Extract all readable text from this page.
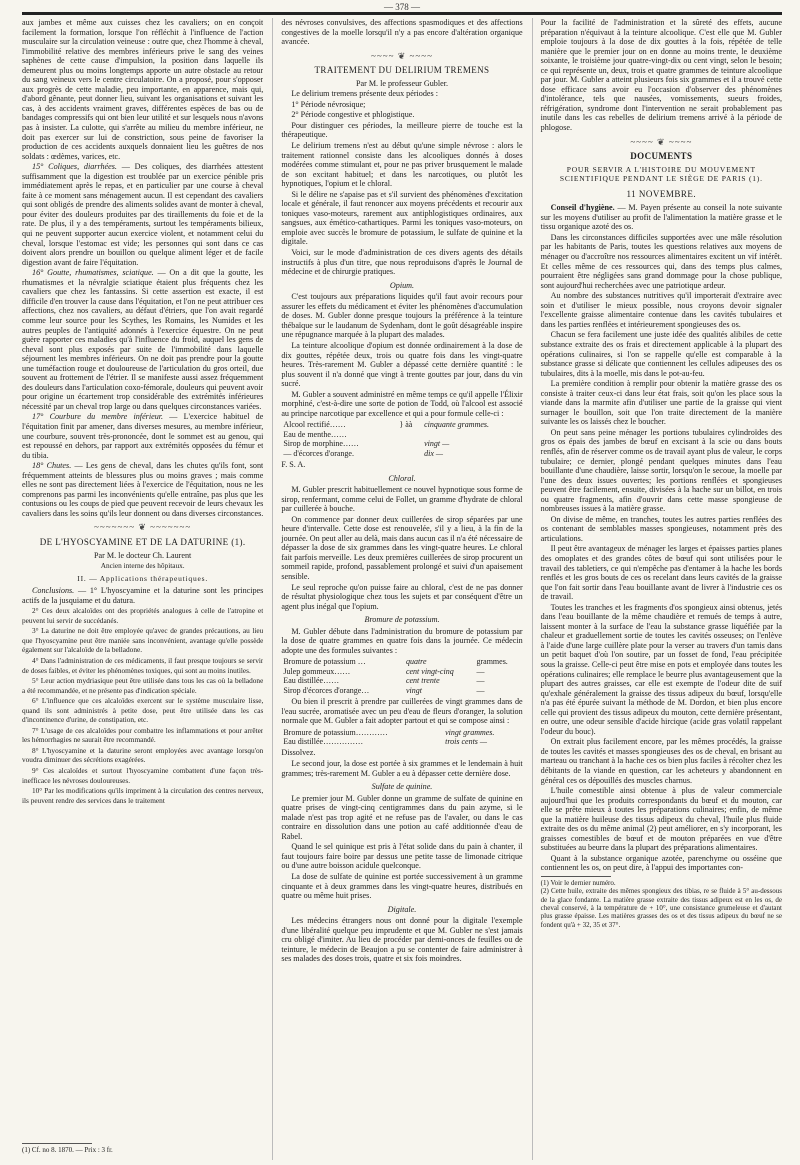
— 378 —

aux jambes et même aux cuisses chez les cavaliers; on en conçoit facilement la formation, lorsque l'on réfléchit à l'influence de l'action musculaire sur la circulation veineuse : outre que, chez l'homme à cheval, l'immobilité relative des membres inférieurs prive le sang des veines saphènes de cette cause d'impulsion, la position dans laquelle ils demeurent plus ou moins longtemps apporte un autre obstacle au retour du sang veineux vers le centre circulatoire. On a proposé, pour s'opposer aux progrès de cette maladie, peu importante, en apparence, mais qui, d'abord gênante, peut donner lieu, suivant les organisations et suivant les cas, à des accidents vraiment graves, différentes espèces de bas ou de bandages compressifs qui ont bien leur utilité et sur lesquels nous n'avons pas à insister. La culotte, qui s'arrête au milieu du membre inférieur, ne doit pas exercer sur lui de constriction, sous peine de favoriser la production de ces accidents auxquels donnaient lieu les guêtres de nos soldats : œdèmes, varices, etc.

15° Coliques, diarrhées. — Des coliques, des diarrhées attestent suffisamment que la digestion est troublée par un exercice pénible pris immédiatement après le repas, et en particulier par une course à cheval faite à ce moment sans ménagement aucun. Il est cependant des cavaliers qui sont obligés de prendre des aliments solides avant de monter à cheval, pour éviter des douleurs produites par des tiraillements du foie et de la rate. De plus, il y a des tempéraments, surtout les tempéraments bilieux, qui ne peuvent supporter aucun exercice violent, et notamment celui du cheval, lorsque l'estomac est vide; les personnes qui sont dans ce cas doivent alors prendre un bouillon ou quelque aliment léger et de facile digestion avant de faire l'équitation.

16° Goutte, rhumatismes, sciatique. — On a dit que la goutte, les rhumatismes et la névralgie sciatique étaient plus fréquents chez les cavaliers que chez les fantassins. Si cette assertion est exacte, il est difficile d'en trouver la cause dans l'équitation, et l'on ne peut attribuer ces affections, chez nos cavaliers, au défaut d'étriers, que l'on avait regardé comme leur source pour les Scythes, les Romains, les Numides et les autres peuples de l'antiquité adonnés à l'exercice équestre. On ne peut guère rapporter ces maladies qu'à l'influence du froid, auquel les gens de cheval sont plus exposés par suite de l'immobilité dans laquelle séjournent les membres inférieurs. On ne doit pas prendre pour la goutte une tuméfaction rouge et douloureuse de l'articulation du gros orteil, due souvent au frottement de l'étrier. Il se manifeste aussi assez fréquemment des douleurs dans l'articulation coxo-fémorale, douleurs qui peuvent avoir pour origine un écartement trop considérable des extrémités inférieures nécessité par un cheval trop large ou dans quelques circonstances variées.

17° Courbure du membre inférieur. — L'exercice habituel de l'équitation finit par amener, dans diverses mesures, au membre inférieur, une courbure, souvent très-prononcée, dont le sommet est au genou, qui est repoussé en dehors, par rapport aux extrémités opposées du fémur et du tibia.

18° Chutes. — Les gens de cheval, dans les chutes qu'ils font, sont fréquemment atteints de blessures plus ou moins graves ; mais comme elles ne sont pas directement liées à l'exercice de l'équitation, nous ne les comprenons pas parmi les inconvénients qu'elle entraîne, pas plus que les contusions ou les coups de pied que peuvent recevoir de leurs chevaux les cavaliers dans les soins qu'ils leur donnent ou dans diverses circonstances.

~~~~~~~ ❦ ~~~~~~~
DE L'HYOSCYAMINE ET DE LA DATURINE (1).
Par M. le docteur Ch. Laurent
Ancien interne des hôpitaux.
II. — Applications thérapeutiques.

Conclusions. — 1° L'hyoscyamine et la daturine sont les principes actifs de la jusquiame et du datura.

2° Ces deux alcaloïdes ont des propriétés analogues à celle de l'atropine et peuvent lui servir de succédanés.

3° La daturine ne doit être employée qu'avec de grandes précautions, au lieu que l'hyoscyamine peut être maniée sans inconvénient, avantage qu'elle possède également sur l'alcaloïde de la belladone.

4° Dans l'administration de ces médicaments, il faut presque toujours se servir de doses faibles, et éviter les phénomènes toxiques, qui sont au moins inutiles.

5° Leur action mydriasique peut être utilisée dans tous les cas où la belladone a été recommandée, et ne présente pas d'indication spéciale.

6° L'influence que ces alcaloïdes exercent sur le système musculaire lisse, quand ils sont administrés à petite dose, peut être utilisée dans les cas d'incontinence d'urine, de constipation, etc.

7° L'usage de ces alcaloïdes pour combattre les inflammations et pour arrêter les hémorrhagies ne saurait être recommandé.

8° L'hyoscyamine et la daturine seront employées avec avantage lorsqu'on voudra diminuer des sécrétions exagérées.

9° Ces alcaloïdes et surtout l'hyoscyamine combattent d'une façon très-inefficace les névroses douloureuses.

10° Par les modifications qu'ils impriment à la circulation des centres nerveux, ils peuvent rendre des services dans le traitement

(1) Cf. no 8. 1870. — Prix : 3 fr.

des névroses convulsives, des affections spasmodiques et des affections congestives de la moelle lorsqu'il n'y a pas encore d'altération organique avancée.

~~~~ ❦ ~~~~
TRAITEMENT DU DELIRIUM TREMENS
Par M. le professeur Gubler.

Le delirium tremens présente deux périodes :

1° Période névrosique;

2° Période congestive et phlogistique.

Pour distinguer ces périodes, la meilleure pierre de touche est la thérapeutique.

Le delirium tremens n'est au début qu'une simple névrose : alors le traitement rationnel consiste dans les alcooliques donnés à doses modérées comme stimulant et, pour ne pas priver brusquement le malade de son excitant habituel; et dans les narcotiques, ou plutôt les hypnotiques, l'opium et le chloral.

Si le délire ne s'apaise pas et s'il survient des phénomènes d'excitation locale et générale, il faut renoncer aux moyens précédents et recourir aux toniques vaso-moteurs, rarement aux antiphlogistiques ordinaires, aux sangsues, aux émético-cathartiques. Parmi les toniques vaso-moteurs, on emploie avec succès le bromure de potassium, le sulfate de quinine et la digitale.

Voici, sur le mode d'administration de ces divers agents des détails instructifs à plus d'un titre, que nous reproduisons d'après le Journal de médecine et de chirurgie pratiques.

Opium.

C'est toujours aux préparations liquides qu'il faut avoir recours pour assurer les effets du médicament et éviter les phénomènes d'accumulation de doses. M. Gubler donne presque toujours la préférence à la teinture thébaïque sur le laudanum de Sydenham, dont le goût désagréable inspire une répugnance marquée à la plupart des malades.

La teinture alcoolique d'opium est donnée ordinairement à la dose de dix gouttes, répétée deux, trois ou quatre fois dans les vingt-quatre heures. Très-rarement M. Gubler a dépassé cette dernière quantité : le plus souvent il n'a donné que vingt à trente gouttes par jour, dans du vin sucré.

M. Gubler a souvent administré en même temps ce qu'il appelle l'Élixir morphiné, c'est-à-dire une sorte de potion de Todd, où l'alcool est associé au principe narcotique par excellence et qui a pour formule celle-ci :

Alcool rectifié……	} àà	cinquante grammes.
Eau de menthe……		
Sirop de morphine……		vingt —
— d'écorces d'orange.		dix —

F. S. A.

Chloral.

M. Gubler prescrit habituellement ce nouvel hypnotique sous forme de sirop, renfermant, comme celui de Follet, un gramme d'hydrate de chloral par cuillerée à bouche.

On commence par donner deux cuillerées de sirop séparées par une heure d'intervalle. Cette dose est renouvelée, s'il y a lieu, à la fin de la journée. On peut aller au delà, mais dans aucun cas il n'a été nécessaire de dépasser la dose de six grammes dans les vingt-quatre heures. Le chloral fait parfois merveille. Les deux premières cuillerées de sirop procurent un sommeil rapide, profond, passablement prolongé et suivi d'un apaisement sensible.

Le seul reproche qu'on puisse faire au chloral, c'est de ne pas donner de résultat physiologique chez tous les sujets et par conséquent d'être un agent plus inégal que l'opium.

Bromure de potassium.

M. Gubler débute dans l'administration du bromure de potassium par la dose de quatre grammes en quatre fois dans la journée. Ce médecin adopte une des formules suivantes :

Bromure de potassium …	quatre	grammes.
Julep gommeux……	cent vingt-cinq	—
Eau distillée……	cent trente	—
Sirop d'écorces d'orange…	vingt	—

Ou bien il prescrit à prendre par cuillerées de vingt grammes dans de l'eau sucrée, aromatisée avec un peu d'eau de fleurs d'oranger, la solution normale que M. Gubler a fait adopter partout et qui se compose ainsi :

Bromure de potassium…………	vingt grammes.
Eau distillée……………	trois cents —

Dissolvez.

Le second jour, la dose est portée à six grammes et le lendemain à huit grammes; très-rarement M. Gubler a eu à dépasser cette dernière dose.

Sulfate de quinine.

Le premier jour M. Gubler donne un gramme de sulfate de quinine en quatre prises de vingt-cinq centigrammes dans du pain azyme, si le malade n'est pas trop agité et ne refuse pas de l'avaler, ou dans le cas contraire en dissolution dans une potion au café additionnée d'eau de Rabel.

Quand le sel quinique est pris à l'état solide dans du pain à chanter, il faut toujours faire boire par dessus une petite tasse de limonade citrique ou d'une autre boisson acidule quelconque.

La dose de sulfate de quinine est portée successivement à un gramme cinquante et à deux grammes dans les vingt-quatre heures, distribués en quatre ou même huit prises.

Digitale.

Les médecins étrangers nous ont donné pour la digitale l'exemple d'une libéralité quelque peu imprudente et que M. Gubler ne s'est jamais cru obligé d'imiter. Au lieu de procéder par demi-onces de feuilles ou de teinture, le médecin de Beaujon a pu se contenter de faire administrer à ses malades des doses trois, quatre et six fois moindres.

Pour la facilité de l'administration et la sûreté des effets, aucune préparation n'équivaut à la teinture alcoolique. C'est elle que M. Gubler emploie toujours à la dose de dix gouttes à la fois, répétée de telle manière que le premier jour on en donne au moins trente, le deuxième soixante, le troisième jour quatre-vingt-dix ou cent vingt, selon le besoin; ce qui représente un, deux, trois et quatre grammes de teinture alcoolique par jour. M. Gubler a atteint plusieurs fois six grammes et il a trouvé cette dose efficace sans avoir eu l'occasion d'observer des phénomènes d'intolérance, tels que nausées, vomissements, sueurs froides, réfrigération, syndrome dont l'intervention ne serait probablement pas inutile dans les cas rebelles de delirium tremens arrivé à la période de phlogose.

~~~~ ❦ ~~~~
DOCUMENTS
POUR SERVIR A L'HISTOIRE DU MOUVEMENT SCIENTIFIQUE PENDANT LE SIÈGE DE PARIS (1).
11 NOVEMBRE.

Conseil d'hygiène. — M. Payen présente au conseil la note suivante sur les moyens d'utiliser au profit de l'alimentation la matière grasse et le tissu organique azoté des os.

Dans les circonstances difficiles supportées avec une mâle résolution par les habitants de Paris, toutes les questions relatives aux moyens de ménager ou d'accroître nos ressources alimentaires excitent un vif intérêt. Et celles même de ces ressources qui, dans des temps plus calmes, pourraient être négligées sans grand dommage pour la chose publique, sont aujourd'hui recherchées avec une patriotique ardeur.

Au nombre des substances nutritives qu'il importerait d'extraire avec soin et d'utiliser le mieux possible, nous croyons devoir signaler l'excellente graisse alimentaire contenue dans les cavités tubulaires et dans les parties renflées et intérieurement spongieuses des os.

Chacun se fera facilement une juste idée des qualités alibiles de cette substance extraite des os frais et directement applicable à la plupart des opérations culinaires, si l'on se rappelle qu'elle est comparable à la substance grasse si délicate que contiennent les cellules adipeuses des os tubulaires, dits à la moelle, mis dans le pot-au-feu.

La première condition à remplir pour obtenir la matière grasse des os consiste à traiter ceux-ci dans leur état frais, soit qu'on les place sous la viande dans la marmite afin d'utiliser une partie de la graisse qui vient surnager le bouillon, soit que l'on traite directement de la manière suivante les os laissés chez le boucher.

On peut sans peine ménager les portions tubulaires cylindroïdes des gros os épais des jambes de bœuf en excisant à la scie ou dans bouts renflés, afin de réserver comme os de travail ayant plus de valeur, le corps tubulaire; ce dernier, plongé pendant quelques minutes dans l'eau bouillante d'une chaudière, laisse sortir, lorsqu'on le secoue, la moelle par l'une des deux issues ouvertes; les portions renflées et spongieuses peuvent être facilement, ensuite, divisées à la hache sur un billot, en trois ou quatre fragments, afin d'ouvrir dans cette masse spongieuse de nombreuses issues à la matière grasse.

On divise de même, en tranches, toutes les autres parties renflées des os contenant de semblables masses spongieuses, notamment près des articulations.

Il peut être avantageux de ménager les larges et épaisses parties planes des omoplates et des grandes côtes de bœuf qui sont utilisées pour le travail des tabletiers, ce qui n'empêche pas d'entamer à la hache les bords renflés et les gros bouts de ces os recelant dans leurs cavités de la graisse que l'on fait sortir dans l'eau bouillante avant de livrer à l'industrie ces os de travail.

Toutes les tranches et les fragments d'os spongieux ainsi obtenus, jetés dans l'eau bouillante de la même chaudière et remués de temps à autre, laissent monter à la surface de l'eau la substance grasse liquéfiée par la chaleur et graduellement sortie de toutes les cavités osseuses; on l'enlève à l'aide d'une large cuillère plate pour la verser au travers d'un tamis dans un petit baquet d'où l'on soutire, par un fosset de fond, l'eau précipitée sous la graisse. Celle-ci peut être mise en pots et employée dans toutes les opérations culinaires; elle remplace le beurre plus avantageusement que la plupart des autres graisses, car elle est exempte de l'odeur dite de suif qu'exhale généralement la graisse des tissus adipeux du bœuf, lorsqu'elle n'a pas été épurée suivant la méthode de M. Dordon, et bien plus encore celle qui provient des tissus adipeux du mouton, cette dernière présentant, en outre, une odeur sensible d'acide hircique (acide gras volatil rappelant l'odeur du bouc).

On extrait plus facilement encore, par les mêmes procédés, la graisse de toutes les cavités et masses spongieuses des os de cheval, en brisant au marteau ou tranchant à la hache ces os bien plus faciles à récolter chez les débitants de la viande en question, car les acheteurs y abandonnent en général ces os dépouillés des muscles charnus.

L'huile comestible ainsi obtenue à plus de valeur commerciale aujourd'hui que les produits correspondants du bœuf et du mouton, car elle se prête mieux à toutes les préparations culinaires; enfin, de même que la matière huileuse des tissus adipeux du cheval, l'huile plus fluide extraite des os du même animal (2) peut améliorer, en s'y incorporant, les graisses comestibles de bœuf et de mouton préparées en vue d'être substituées au beurre dans la plupart des préparations alimentaires.

Quant à la substance organique azotée, parenchyme ou osséine que contiennent les os, on peut dire, à l'appui des importantes con-

(1) Voir le dernier numéro.
(2) Cette huile, extraite des mêmes spongieux des tibias, re se fluide à 5° au-dessous de la glace fondante. La matière grasse extraite des tissus adipeux est en les os, de cheval conservé, à la température de + 10°, une consistance grumeleuse et d'autant plus grasse épaisse. Les matières grasses des os et des tissus adipeux du bœuf ne se fondent qu'à + 32, 35 et 37°.
